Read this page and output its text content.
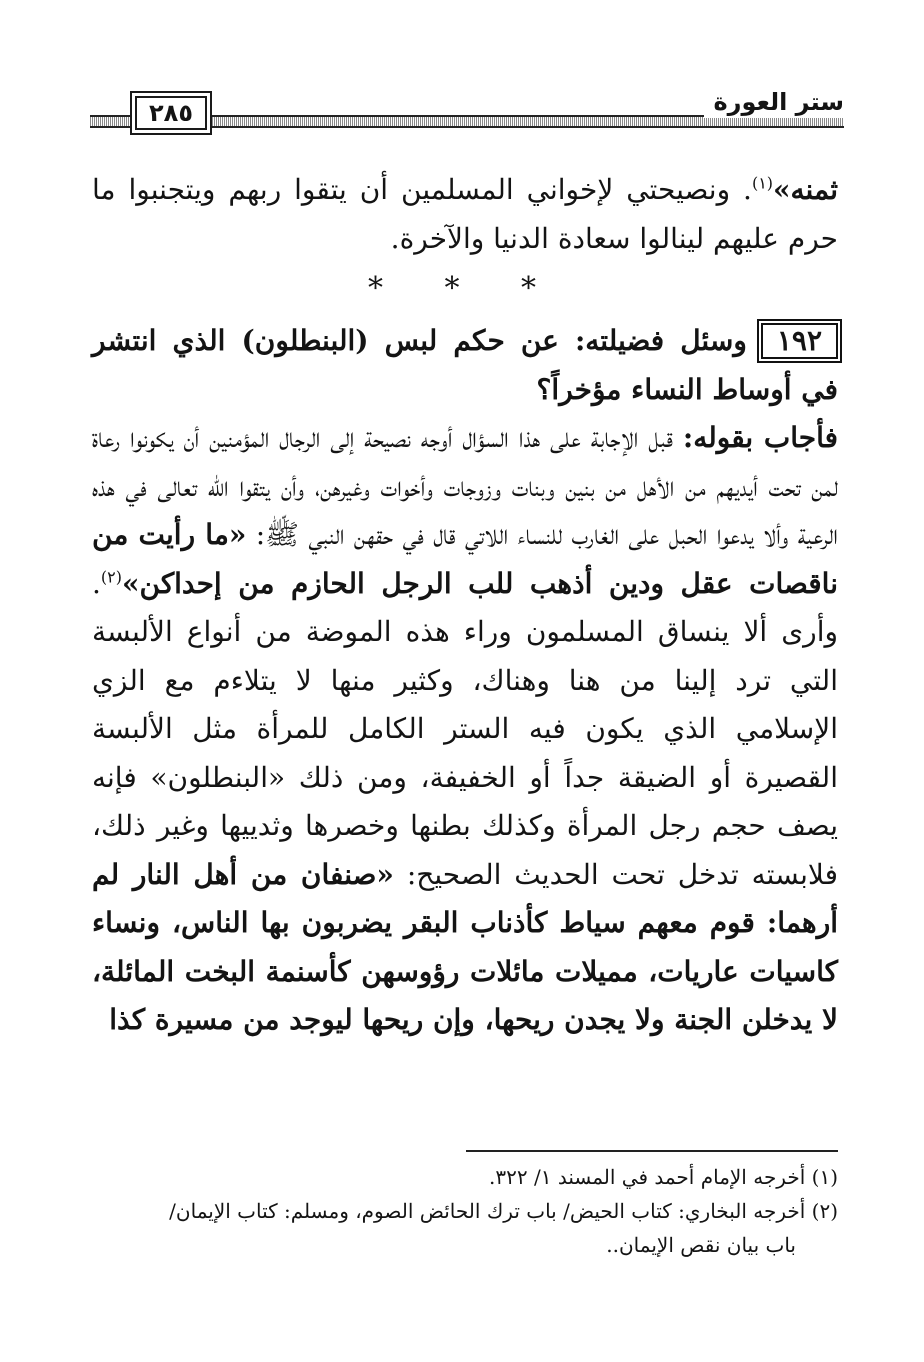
٢٨٥	ستر العورة

ثمنه»$^{(١)}$. ونصيحتي لإخواني المسلمين أن يتقوا ربهم ويتجنبوا ما حرم عليهم لينالوا سعادة الدنيا والآخرة.

* * *

١٩٢وسئل فضيلته: عن حكم لبس (البنطلون) الذي انتشر في أوساط النساء مؤخراً؟

فأجاب بقوله: قبل الإجابة على هذا السؤال أوجه نصيحة إلى الرجال المؤمنين أن يكونوا رعاة لمن تحت أيديهم من الأهل من بنين وبنات وزوجات وأخوات وغيرهن، وأن يتقوا الله تعالى في هذه الرعية وألا يدعوا الحبل على الغارب للنساء اللاتي قال في حقهن النبي ﷺ: «ما رأيت من ناقصات عقل ودين أذهب للب الرجل الحازم من إحداكن»$^{(٢)}$. وأرى ألا ينساق المسلمون وراء هذه الموضة من أنواع الألبسة التي ترد إلينا من هنا وهناك، وكثير منها لا يتلاءم مع الزي الإسلامي الذي يكون فيه الستر الكامل للمرأة مثل الألبسة القصيرة أو الضيقة جداً أو الخفيفة، ومن ذلك «البنطلون» فإنه يصف حجم رجل المرأة وكذلك بطنها وخصرها وثدييها وغير ذلك، فلابسته تدخل تحت الحديث الصحيح: «صنفان من أهل النار لم أرهما: قوم معهم سياط كأذناب البقر يضربون بها الناس، ونساء كاسيات عاريات، مميلات مائلات رؤوسهن كأسنمة البخت المائلة، لا يدخلن الجنة ولا يجدن ريحها، وإن ريحها ليوجد من مسيرة كذا

(١) أخرجه الإمام أحمد في المسند ١/ ٣٢٢.

(٢) أخرجه البخاري: كتاب الحيض/ باب ترك الحائض الصوم، ومسلم: كتاب الإيمان/

باب بيان نقص الإيمان..
